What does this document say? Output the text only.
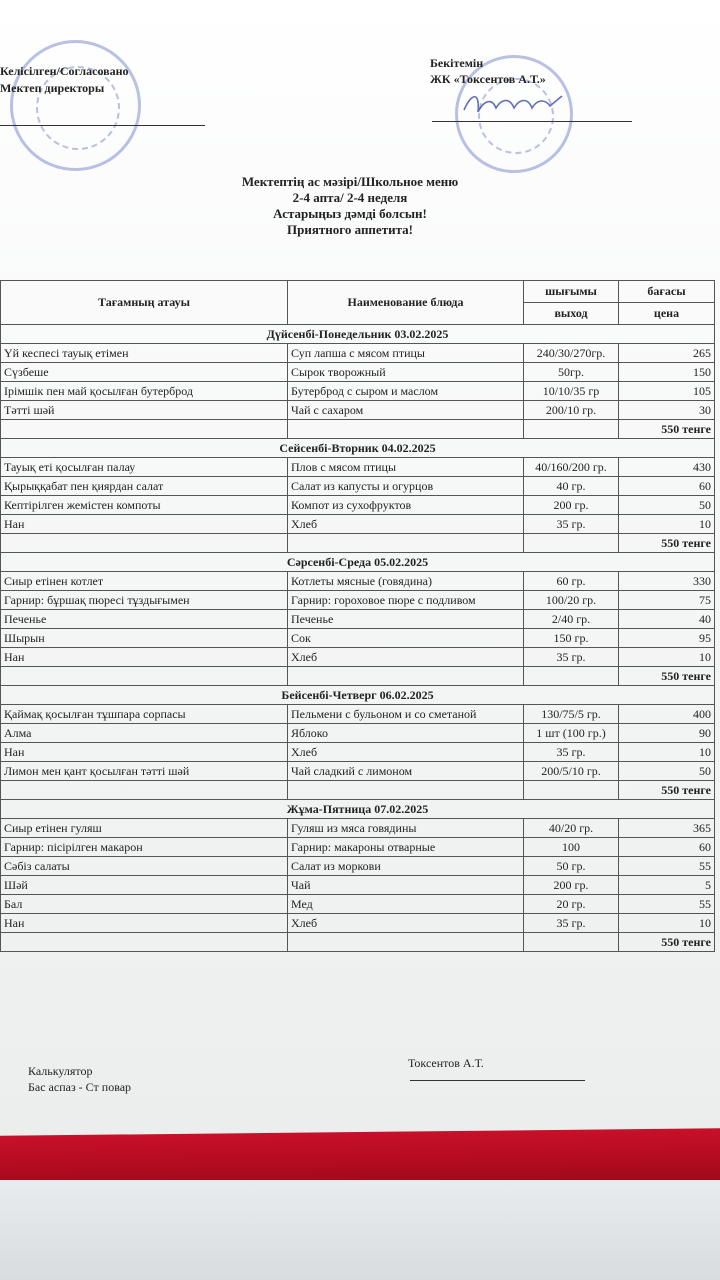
Келісілген/Согласовано
Мектеп директоры
Бекітемін
ЖК «Токсентов А.Т.»
Мектептің ас мәзірі/Школьное меню
2-4 апта/ 2-4 неделя
Астарыңыз дәмді болсын!
Приятного аппетита!
Тағамның атауы	Наименование блюда	шығымы	бағасы
		выход	цена
Дүйсенбі-Понедельник 03.02.2025			
Үй кеспесі тауық етімен	Суп лапша с мясом птицы	240/30/270гр.	265
Сүзбеше	Сырок творожный	50гр.	150
Ірімшік пен май қосылған бутерброд	Бутерброд с сыром и маслом	10/10/35 гр	105
Тәтті шәй	Чай с сахаром	200/10 гр.	30
			550 тенге
Сейсенбі-Вторник 04.02.2025			
Тауық еті қосылған палау	Плов с мясом птицы	40/160/200 гр.	430
Қырыққабат пен қиярдан салат	Салат из капусты и огурцов	40 гр.	60
Кептірілген жемістен компоты	Компот из сухофруктов	200 гр.	50
Нан	Хлеб	35 гр.	10
			550 тенге
Сәрсенбі-Среда 05.02.2025			
Сиыр етінен котлет	Котлеты мясные (говядина)	60 гр.	330
Гарнир: бұршақ пюресі тұздығымен	Гарнир: гороховое пюре с подливом	100/20 гр.	75
Печенье	Печенье	2/40 гр.	40
Шырын	Сок	150 гр.	95
Нан	Хлеб	35 гр.	10
			550 тенге
Бейсенбі-Четверг 06.02.2025			
Қаймақ қосылған тұшпара сорпасы	Пельмени с бульоном и со сметаной	130/75/5 гр.	400
Алма	Яблоко	1 шт (100 гр.)	90
Нан	Хлеб	35 гр.	10
Лимон мен қант қосылған тәтті шәй	Чай сладкий с лимоном	200/5/10 гр.	50
			550 тенге
Жұма-Пятница 07.02.2025			
Сиыр етінен гуляш	Гуляш из мяса говядины	40/20 гр.	365
Гарнир: пісірілген макарон	Гарнир: макароны отварные	100	60
Сәбіз салаты	Салат из моркови	50 гр.	55
Шәй	Чай	200 гр.	5
Бал	Мед	20 гр.	55
Нан	Хлеб	35 гр.	10
			550 тенге
Калькулятор
Бас аспаз - Ст повар
Токсентов А.Т.
